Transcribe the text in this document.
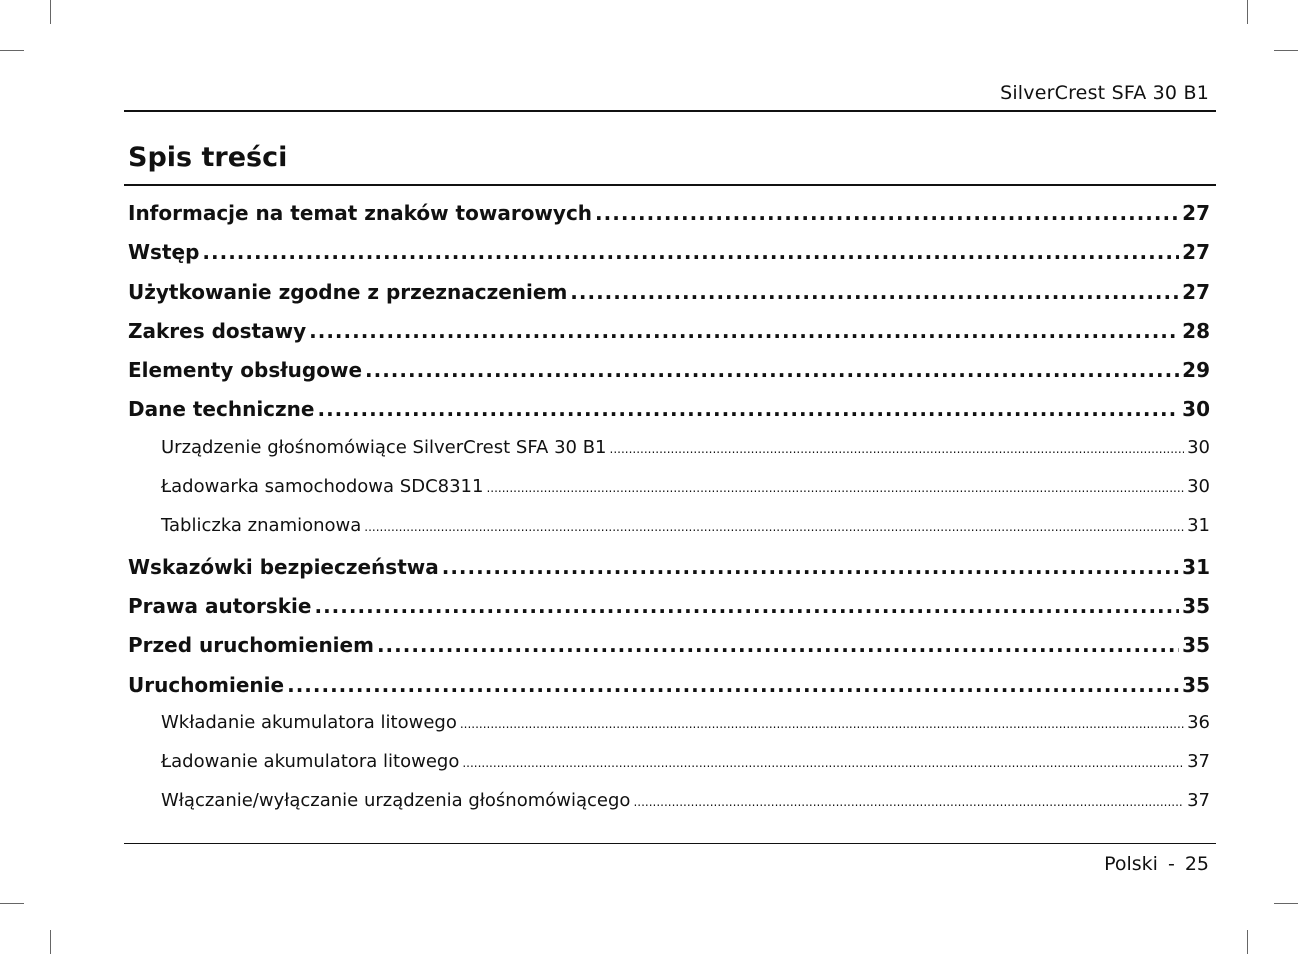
SilverCrest SFA 30 B1
Spis treści
Informacje na temat znaków towarowych .....	27
Wstęp .....	27
Użytkowanie zgodne z przeznaczeniem .....	27
Zakres dostawy .....	28
Elementy obsługowe .....	29
Dane techniczne .....	30
Urządzenie głośnomówiące SilverCrest SFA 30 B1 .....	30
Ładowarka samochodowa SDC8311 .....	30
Tabliczka znamionowa .....	31
Wskazówki bezpieczeństwa .....	31
Prawa autorskie .....	35
Przed uruchomieniem .....	35
Uruchomienie .....	35
Wkładanie akumulatora litowego .....	36
Ładowanie akumulatora litowego .....	37
Włączanie/wyłączanie urządzenia głośnomówiącego .....	37
Polski - 25
